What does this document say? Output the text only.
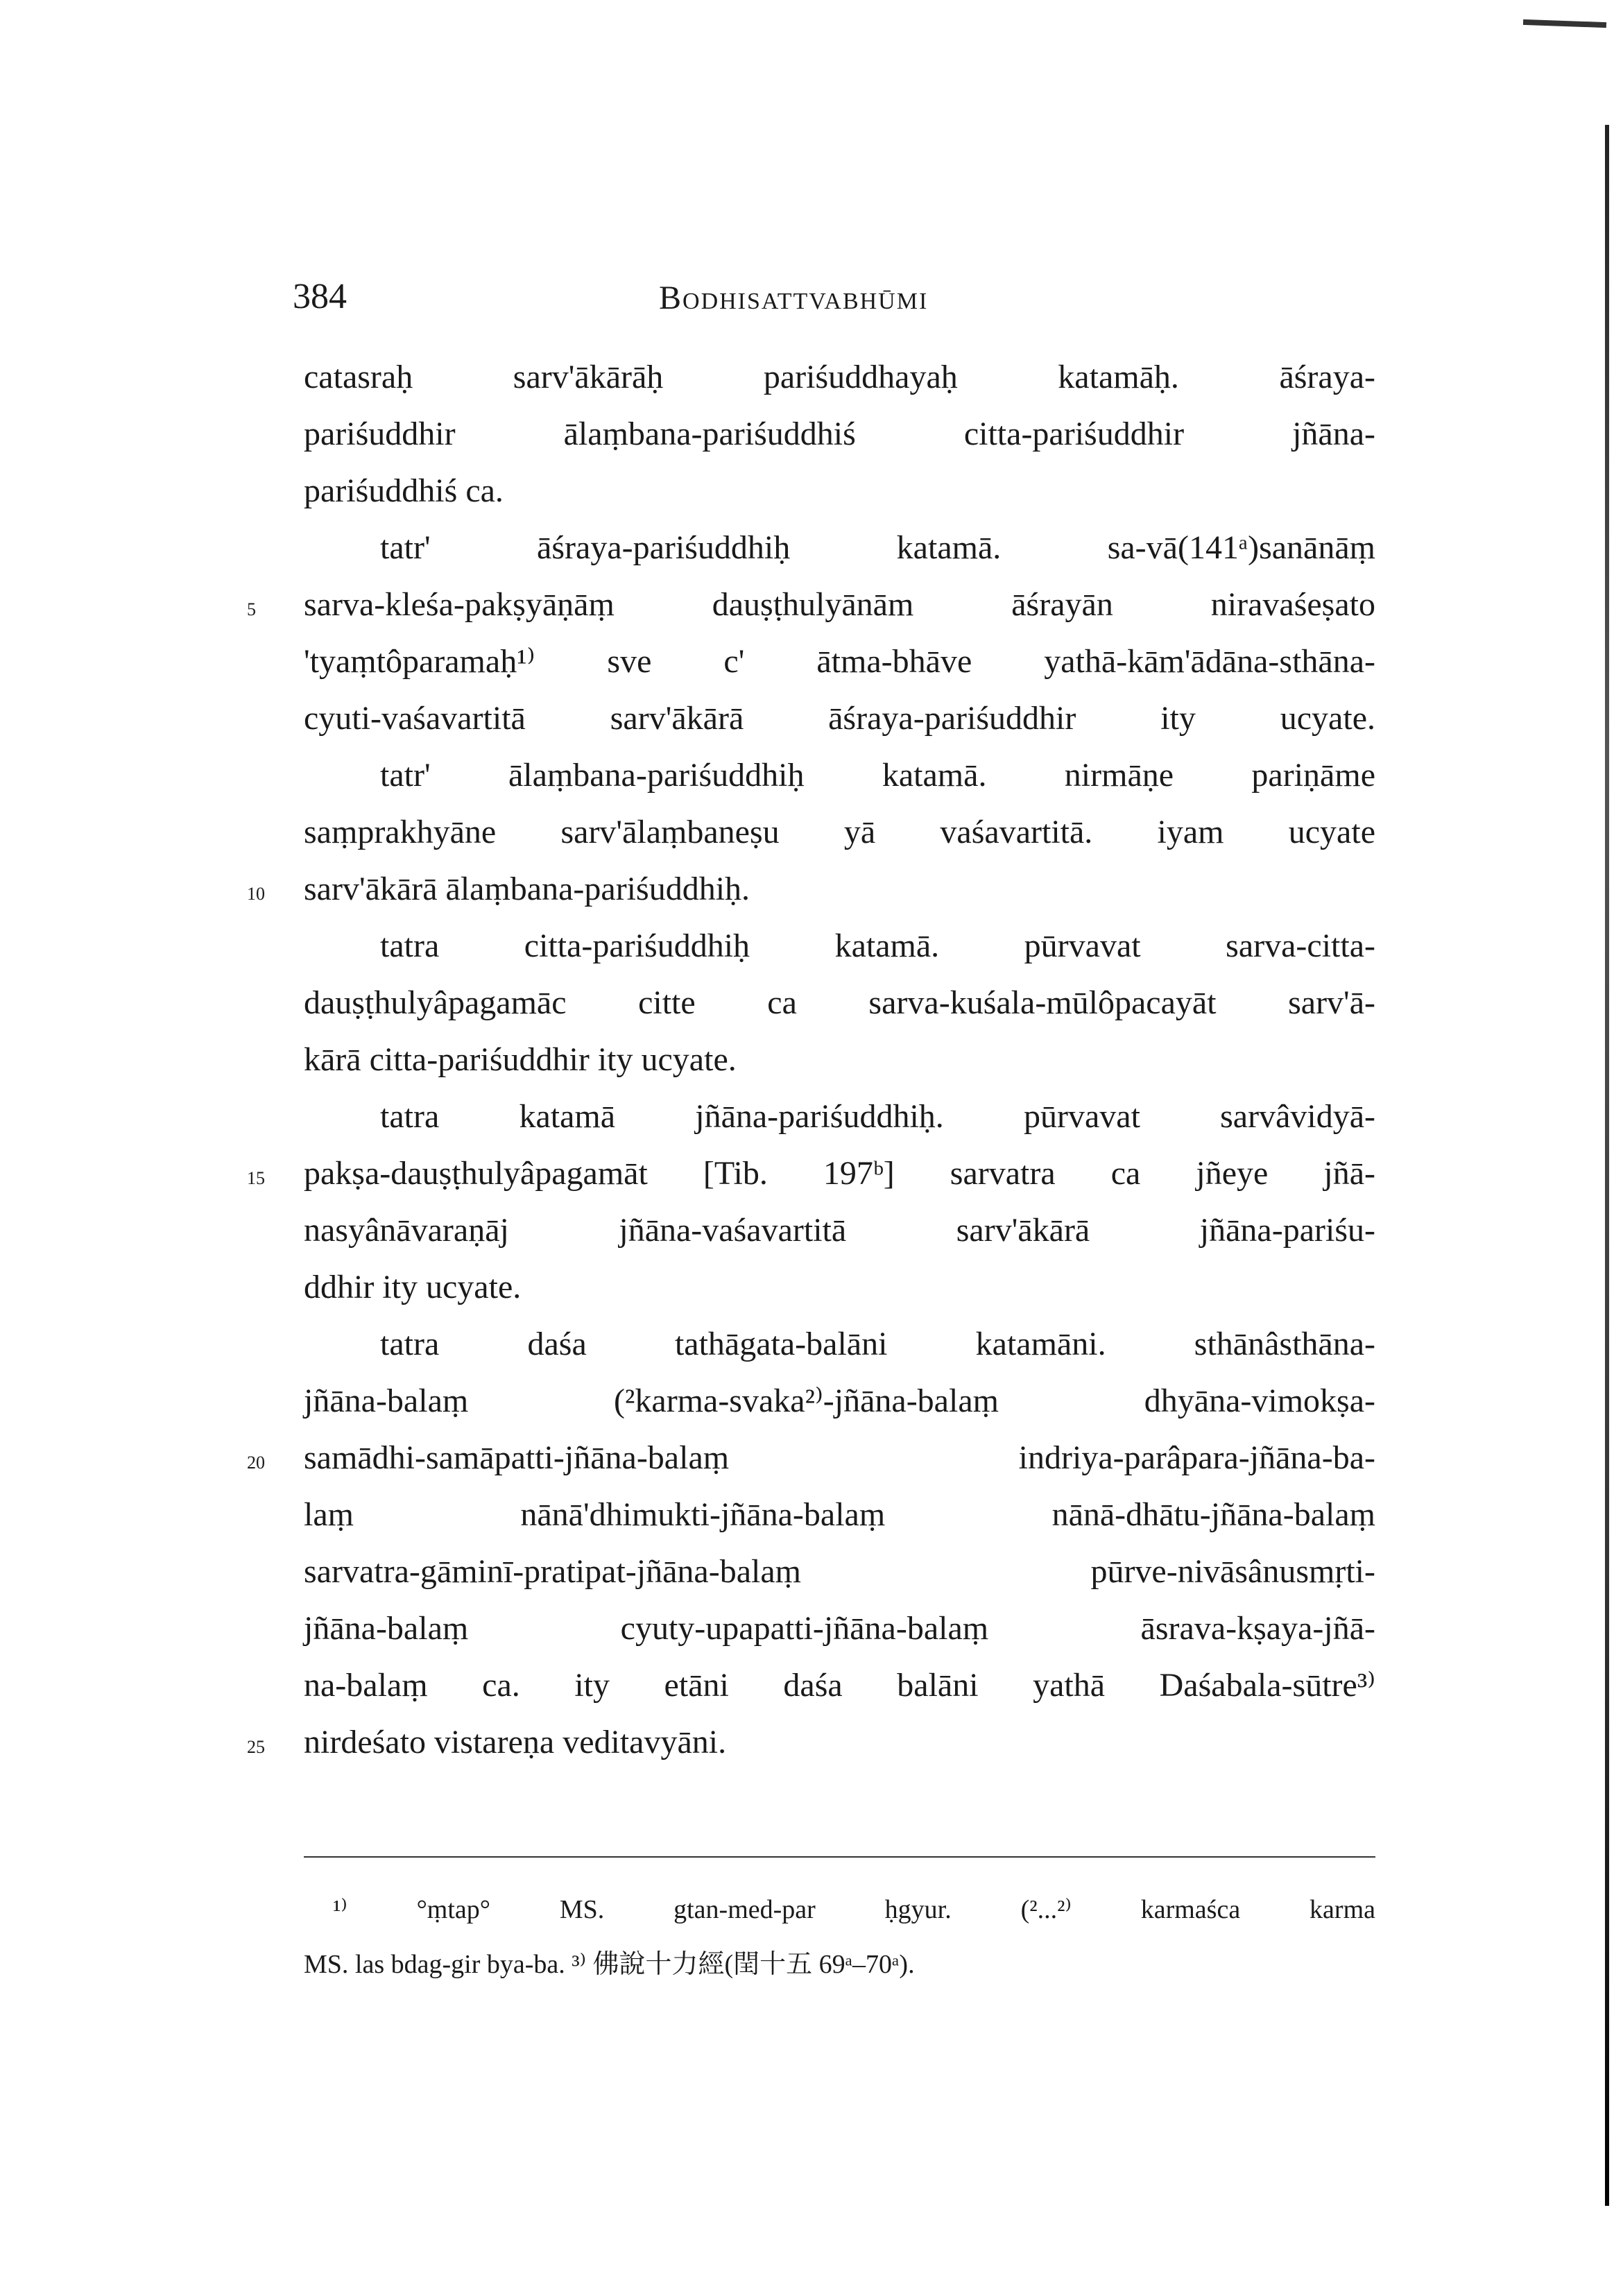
384	Bodhisattvabhūmi
catasraḥ sarv'ākārāḥ pariśuddhayaḥ katamāḥ. āśraya-
pariśuddhir ālaṃbana-pariśuddhiś citta-pariśuddhir jñāna-
pariśuddhiś ca.
tatr' āśraya-pariśuddhiḥ katamā. sa-vā(141ᵃ)sanānāṃ
sarva-kleśa-pakṣyāṇāṃ dauṣṭhulyānām āśrayān niravaśeṣato
'tyaṃtôparamaḥ¹⁾ sve c' ātma-bhāve yathā-kām'ādāna-sthāna-
cyuti-vaśavartitā sarv'ākārā āśraya-pariśuddhir ity ucyate.
tatr' ālaṃbana-pariśuddhiḥ katamā. nirmāṇe pariṇāme
saṃprakhyāne sarv'ālaṃbaneṣu yā vaśavartitā. iyam ucyate
sarv'ākārā ālaṃbana-pariśuddhiḥ.
tatra citta-pariśuddhiḥ katamā. pūrvavat sarva-citta-
dauṣṭhulyâpagamāc citte ca sarva-kuśala-mūlôpacayāt sarv'ā-
kārā citta-pariśuddhir ity ucyate.
tatra katamā jñāna-pariśuddhiḥ. pūrvavat sarvâvidyā-
pakṣa-dauṣṭhulyâpagamāt [Tib. 197ᵇ] sarvatra ca jñeye jñā-
nasyânāvaraṇāj jñāna-vaśavartitā sarv'ākārā jñāna-pariśu-
ddhir ity ucyate.
tatra daśa tathāgata-balāni katamāni. sthānâsthāna-
jñāna-balaṃ (²karma-svaka²⁾-jñāna-balaṃ dhyāna-vimokṣa-
samādhi-samāpatti-jñāna-balaṃ indriya-parâpara-jñāna-ba-
laṃ nānā'dhimukti-jñāna-balaṃ nānā-dhātu-jñāna-balaṃ
sarvatra-gāminī-pratipat-jñāna-balaṃ pūrve-nivāsânusmṛti-
jñāna-balaṃ cyuty-upapatti-jñāna-balaṃ āsrava-kṣaya-jñā-
na-balaṃ ca. ity etāni daśa balāni yathā Daśabala-sūtre³⁾
nirdeśato vistareṇa veditavyāni.
5
10
15
20
25
¹⁾ °ṃtap° MS. gtan-med-par ḥgyur. (²...²⁾ karmaśca karma
MS. las bdag-gir bya-ba. ³⁾ 佛說十力經(閏十五 69ᵃ–70ᵃ).
